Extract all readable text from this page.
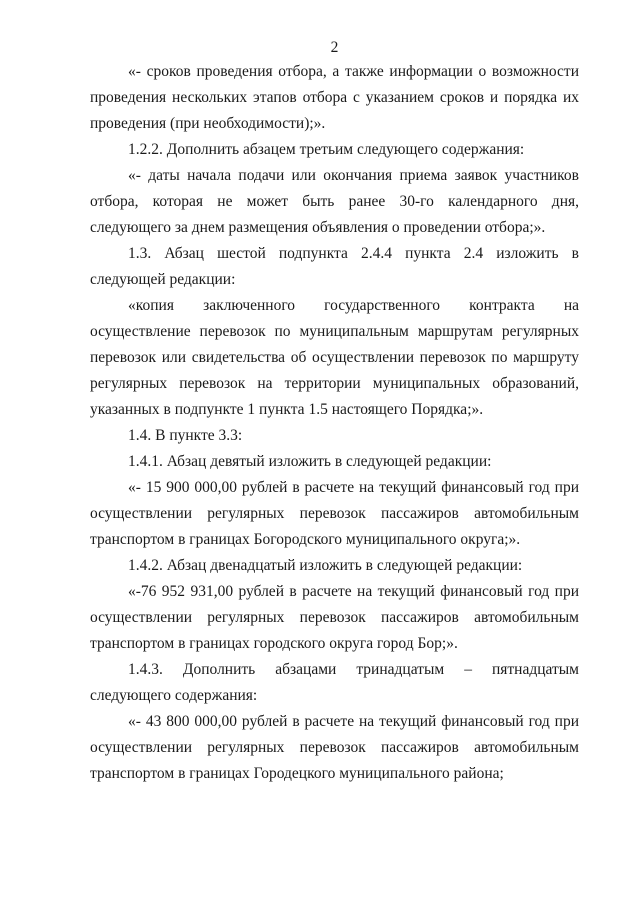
2

«- сроков проведения отбора, а также информации о возможности проведения нескольких этапов отбора с указанием сроков и порядка их проведения (при необходимости);».

1.2.2. Дополнить абзацем третьим следующего содержания:

«- даты начала подачи или окончания приема заявок участников отбора, которая не может быть ранее 30-го календарного дня, следующего за днем размещения объявления о проведении отбора;».

1.3. Абзац шестой подпункта 2.4.4 пункта 2.4 изложить в следующей редакции:

«копия заключенного государственного контракта на осуществление перевозок по муниципальным маршрутам регулярных перевозок или свидетельства об осуществлении перевозок по маршруту регулярных перевозок на территории муниципальных образований, указанных в подпункте 1 пункта 1.5 настоящего Порядка;».

1.4. В пункте 3.3:

1.4.1. Абзац девятый изложить в следующей редакции:

«- 15 900 000,00 рублей в расчете на текущий финансовый год при осуществлении регулярных перевозок пассажиров автомобильным транспортом в границах Богородского муниципального округа;».

1.4.2. Абзац двенадцатый изложить в следующей редакции:

«-76 952 931,00 рублей в расчете на текущий финансовый год при осуществлении регулярных перевозок пассажиров автомобильным транспортом в границах городского округа город Бор;».

1.4.3. Дополнить абзацами тринадцатым – пятнадцатым следующего содержания:

«- 43 800 000,00 рублей в расчете на текущий финансовый год при осуществлении регулярных перевозок пассажиров автомобильным транспортом в границах Городецкого муниципального района;
